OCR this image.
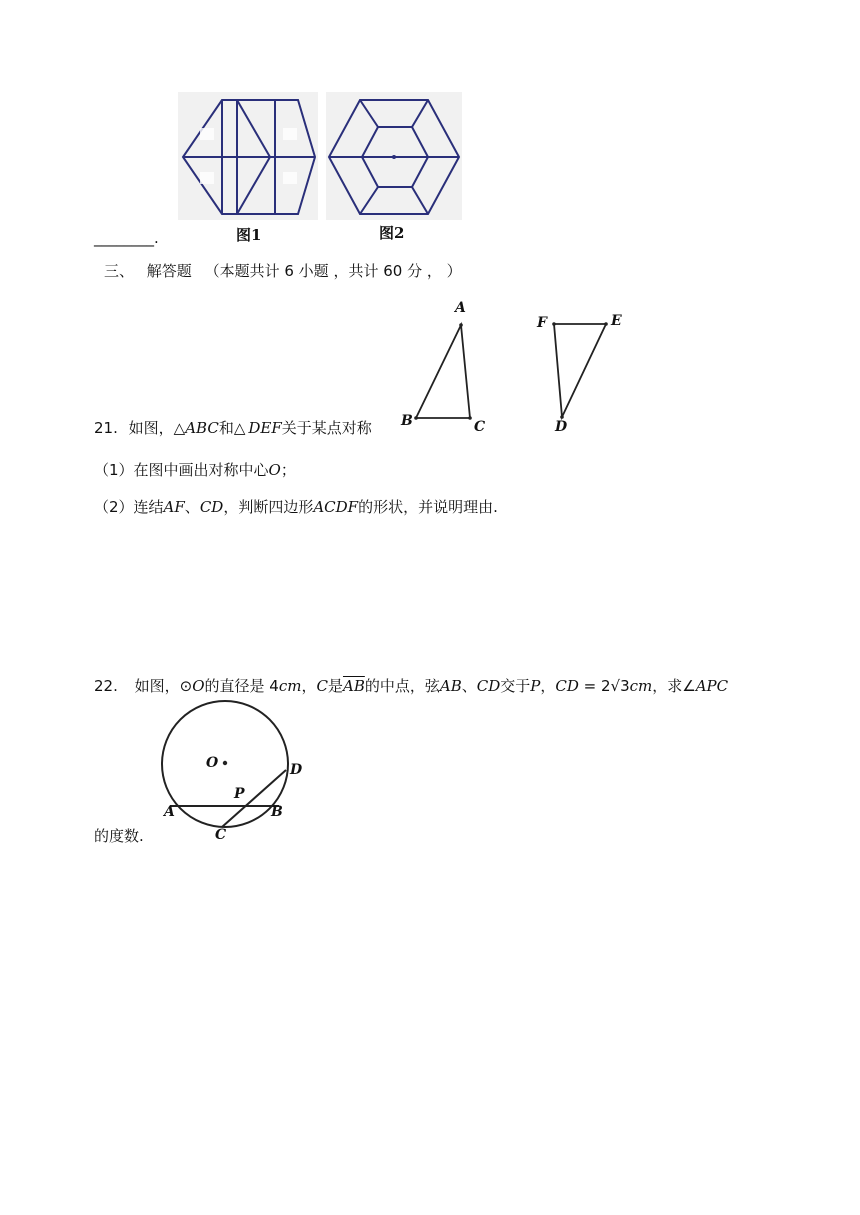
________.	图1	图2
三、 解答题 （本题共计 6 小题 ，共计 60 分 ， ）
A
B	C
F	E
D
21. 如图，△ABC和△ DEF关于某点对称
（1）在图中画出对称中心O；
（2）连结AF、CD，判断四边形ACDF的形状，并说明理由.
22. 如图，⊙O的直径是 4cm，C是$\overline{AB}$的中点，弦AB、CD交于P，CD = 2√3cm，求∠APC
O	D
P
A	B
C
的度数.
